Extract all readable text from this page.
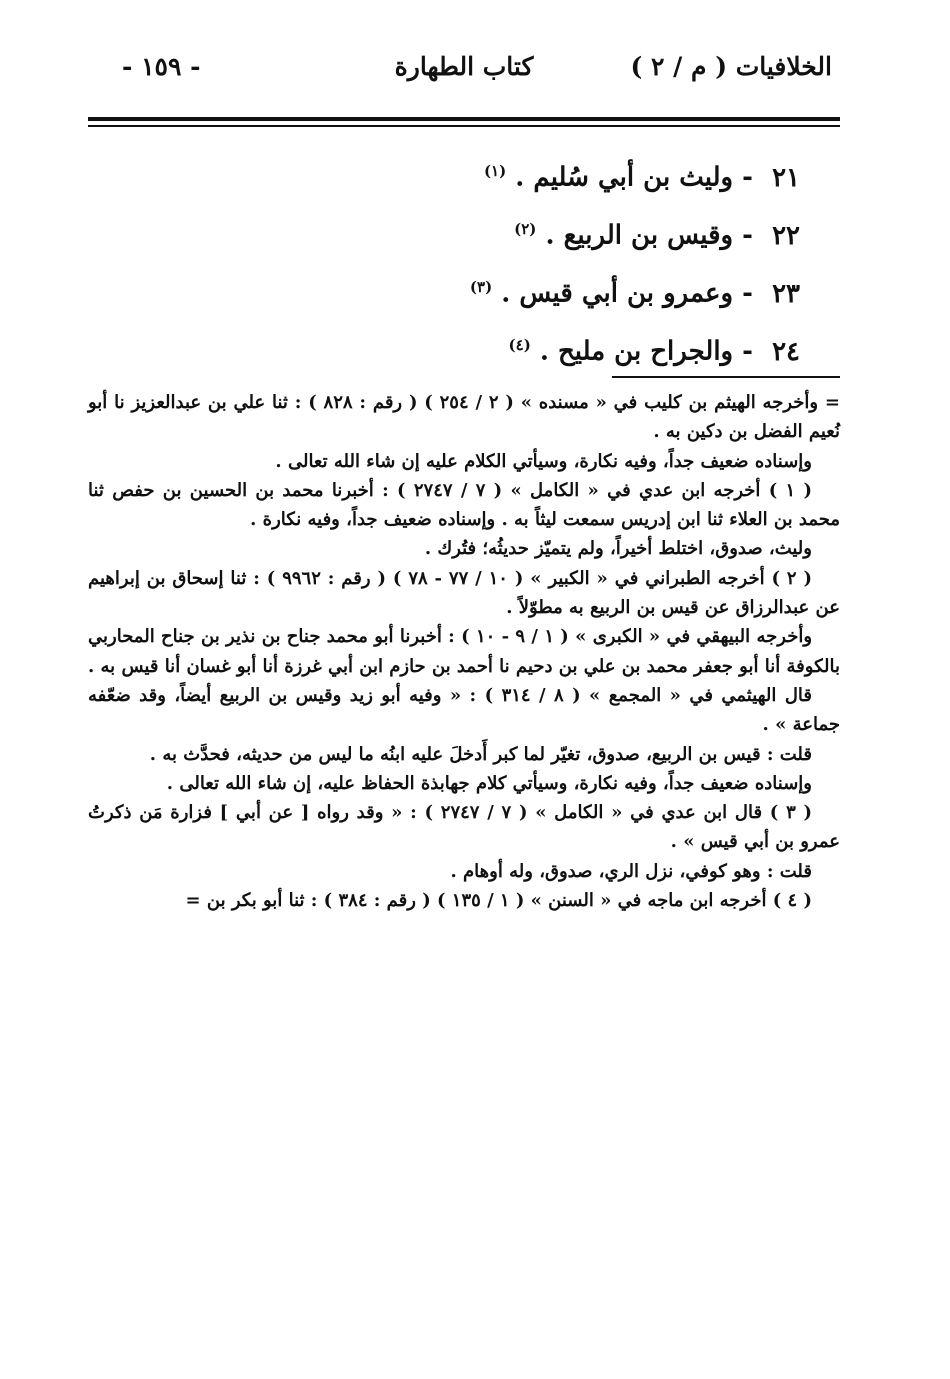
الخلافيات ( م / ٢ )
كتاب الطهارة
- ١٥٩ -
٢١ - وليث بن أبي سُليم . $^{(١)}$
٢٢ - وقيس بن الربيع . $^{(٢)}$
٢٣ - وعمرو بن أبي قيس . $^{(٣)}$
٢٤ - والجراح بن مليح . $^{(٤)}$

= وأخرجه الهيثم بن كليب في « مسنده » ( ٢ / ٢٥٤ ) ( رقم : ٨٢٨ ) : ثنا علي بن عبدالعزيز نا أبو نُعيم الفضل بن دكين به .

وإسناده ضعيف جداً، وفيه نكارة، وسيأتي الكلام عليه إن شاء الله تعالى .

( ١ ) أخرجه ابن عدي في « الكامل » ( ٧ / ٢٧٤٧ ) : أخبرنا محمد بن الحسين بن حفص ثنا محمد بن العلاء ثنا ابن إدريس سمعت ليثاً به . وإسناده ضعيف جداً، وفيه نكارة .

وليث، صدوق، اختلط أخيراً، ولم يتميّز حديثُه؛ فتُرك .

( ٢ ) أخرجه الطبراني في « الكبير » ( ١٠ / ٧٧ - ٧٨ ) ( رقم : ٩٩٦٢ ) : ثنا إسحاق بن إبراهيم عن عبدالرزاق عن قيس بن الربيع به مطوّلاً .

وأخرجه البيهقي في « الكبرى » ( ١ / ٩ - ١٠ ) : أخبرنا أبو محمد جناح بن نذير بن جناح المحاربي بالكوفة أنا أبو جعفر محمد بن علي بن دحيم نا أحمد بن حازم ابن أبي غرزة أنا أبو غسان أنا قيس به .

قال الهيثمي في « المجمع » ( ٨ / ٣١٤ ) : « وفيه أبو زيد وقيس بن الربيع أيضاً، وقد ضعّفه جماعة » .

قلت : قيس بن الربيع، صدوق، تغيّر لما كبر أَدخلَ عليه ابنُه ما ليس من حديثه، فحدَّث به .

وإسناده ضعيف جداً، وفيه نكارة، وسيأتي كلام جهابذة الحفاظ عليه، إن شاء الله تعالى .

( ٣ ) قال ابن عدي في « الكامل » ( ٧ / ٢٧٤٧ ) : « وقد رواه [ عن أبي ] فزارة مَن ذكرتُ عمرو بن أبي قيس » .

قلت : وهو كوفي، نزل الري، صدوق، وله أوهام .

( ٤ ) أخرجه ابن ماجه في « السنن » ( ١ / ١٣٥ ) ( رقم : ٣٨٤ ) : ثنا أبو بكر بن =
